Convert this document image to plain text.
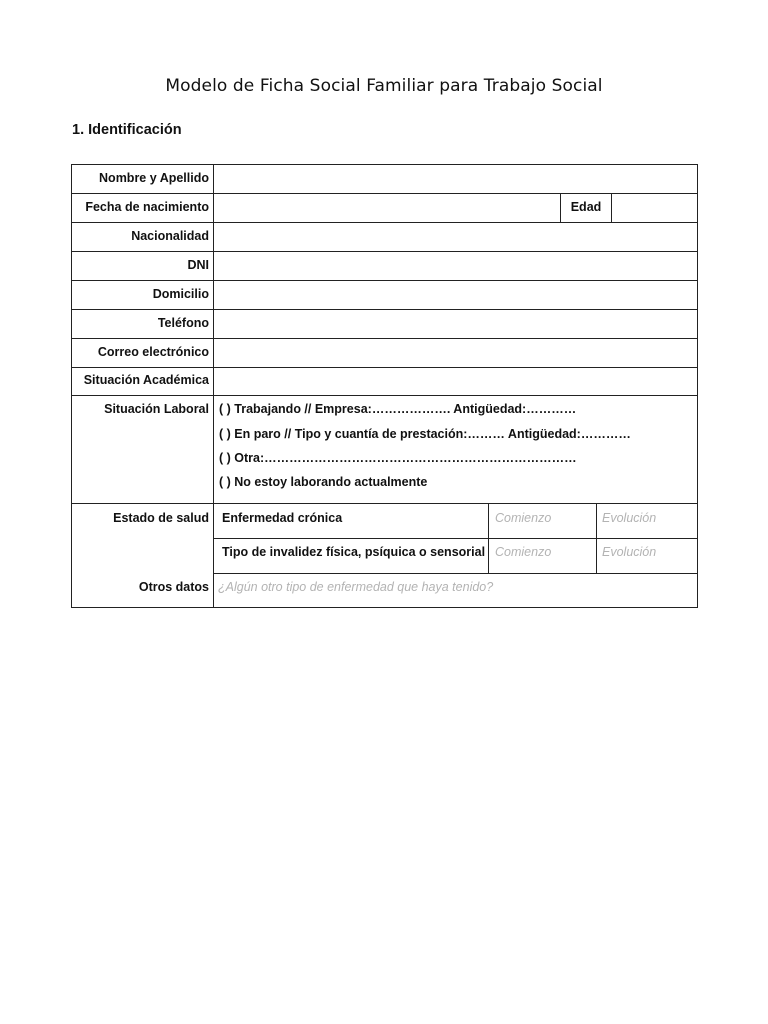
Modelo de Ficha Social Familiar para Trabajo Social
1. Identificación
Nombre y Apellido
Fecha de nacimiento	Edad
Nacionalidad
DNI
Domicilio
Teléfono
Correo electrónico
Situación Académica
Situación Laboral ( ) Trabajando // Empresa:………………. Antigüedad:…………
( ) En paro // Tipo y cuantía de prestación:……… Antigüedad:…………
( ) Otra:…………………………………………………………………
( ) No estoy laborando actualmente
Estado de salud	Enfermedad crónica	Comienzo	Evolución
Tipo de invalidez física, psíquica o sensorial Comienzo	Evolución
Otros datos ¿Algún otro tipo de enfermedad que haya tenido?
